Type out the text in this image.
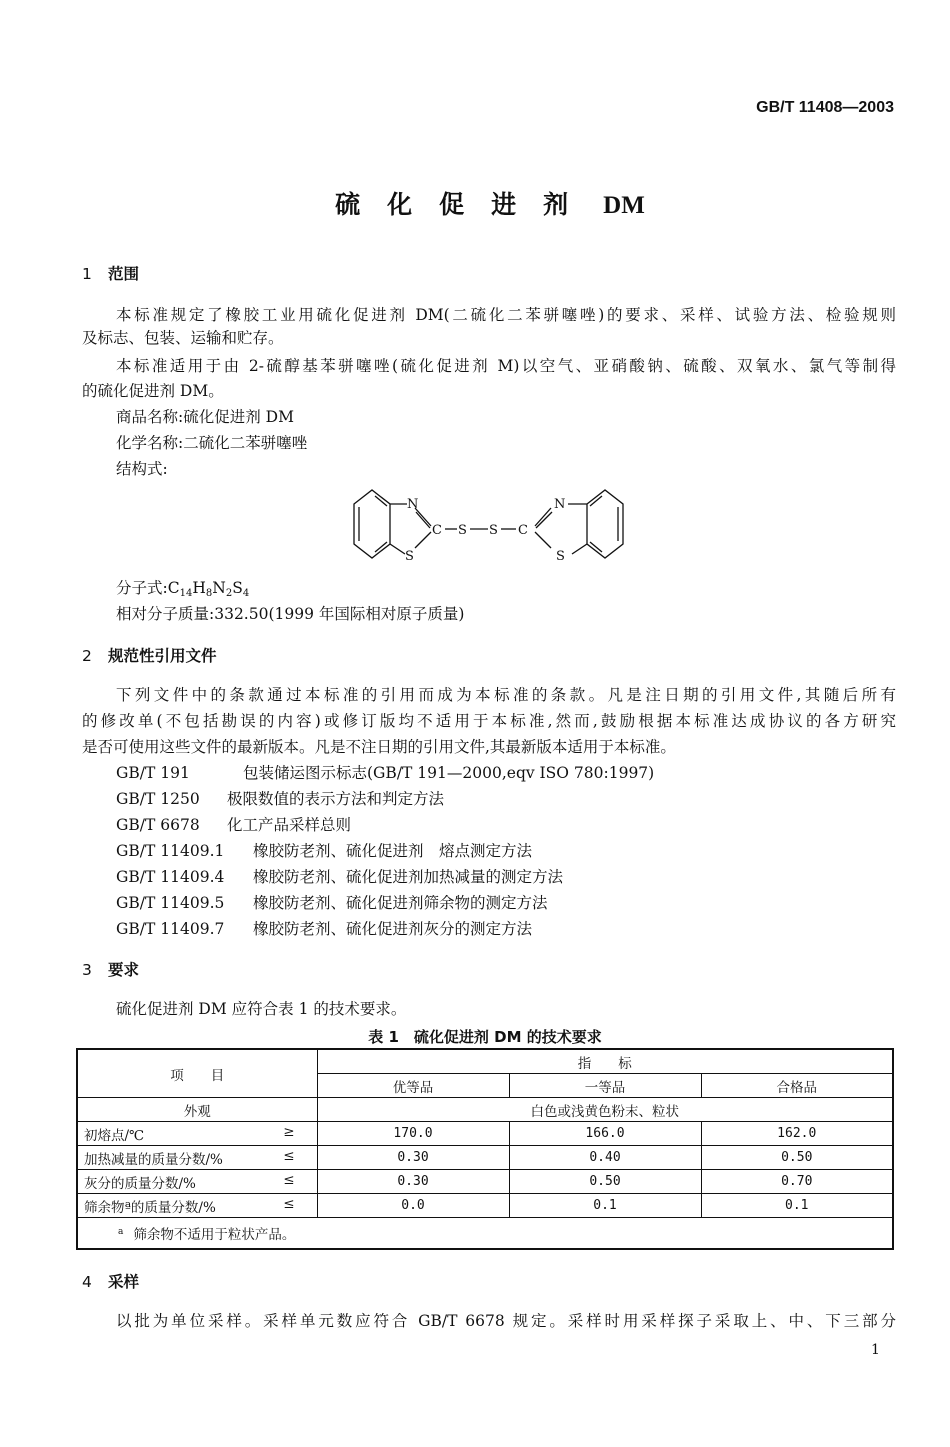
GB/T 11408—2003
硫化促进剂 DM
1 范围
本标准规定了橡胶工业用硫化促进剂 DM(二硫化二苯骈噻唑)的要求、采样、试验方法、检验规则
及标志、包装、运输和贮存。
本标准适用于由 2-硫醇基苯骈噻唑(硫化促进剂 M)以空气、亚硝酸钠、硫酸、双氧水、氯气等制得
的硫化促进剂 DM。
商品名称:硫化促进剂 DM
化学名称:二硫化二苯骈噻唑
结构式:
N
S
C S S C
N
S
分子式$:C_{14}H_8N_2S_4$
相对分子质量:332.50(1999 年国际相对原子质量)
2 规范性引用文件
下列文件中的条款通过本标准的引用而成为本标准的条款。凡是注日期的引用文件,其随后所有
的修改单(不包括勘误的内容)或修订版均不适用于本标准,然而,鼓励根据本标准达成协议的各方研究
是否可使用这些文件的最新版本。凡是不注日期的引用文件,其最新版本适用于本标准。
GB/T 191	包装储运图示标志(GB/T 191—2000,eqv ISO 780:1997)
GB/T 1250 极限数值的表示方法和判定方法
GB/T 6678 化工产品采样总则
GB/T 11409.1 橡胶防老剂、硫化促进剂　熔点测定方法
GB/T 11409.4 橡胶防老剂、硫化促进剂加热减量的测定方法
GB/T 11409.5 橡胶防老剂、硫化促进剂筛余物的测定方法
GB/T 11409.7 橡胶防老剂、硫化促进剂灰分的测定方法
3 要求
硫化促进剂 DM 应符合表 1 的技术要求。
表 1　硫化促进剂 DM 的技术要求
项　　目	指　　标		
	优等品	一等品	合格品
外观	白色或浅黄色粉末、粒状		
初熔点/℃ ≥	170.0	166.0	162.0
加热减量的质量分数/% ≤	0.30	0.40	0.50
灰分的质量分数/% ≤	0.30	0.50	0.70
筛余物ª的质量分数/% ≤	0.0	0.1	0.1
$^a$ 筛余物不适用于粒状产品。			
4 采样
以批为单位采样。采样单元数应符合 GB/T 6678 规定。采样时用采样探子采取上、中、下三部分
1
